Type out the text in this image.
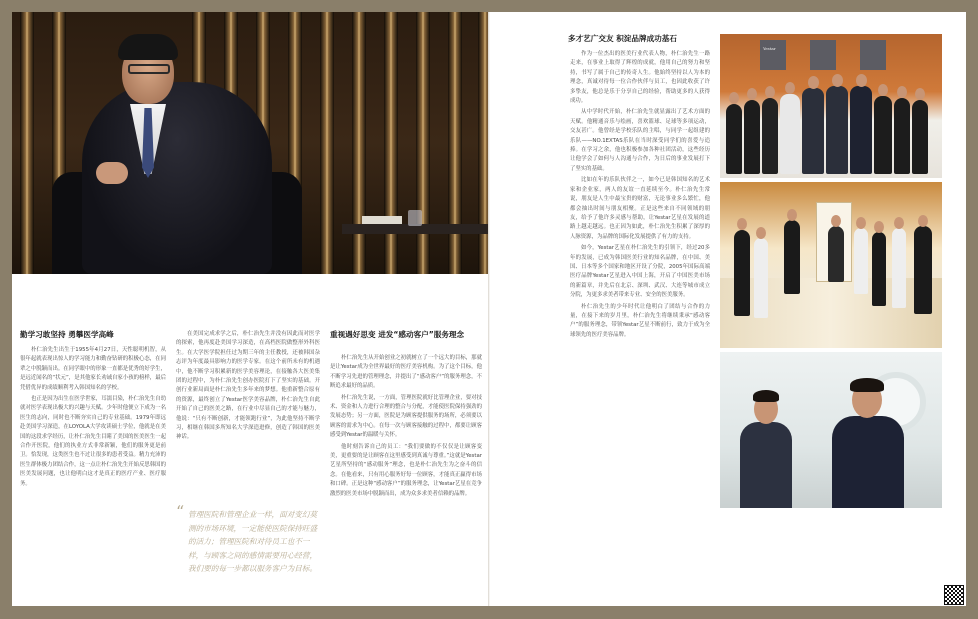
勤学习敢坚持 勇攀医学高峰

朴仁治先生出生于1955年4月27日，天性聪明机智，从很年起就表现出惊人的学习能力和勤奋钻研的积极心态，在同辈之中脱颖而出。在同学眼中的形象一直都是优秀的好学生，是远近闻名的“状元”，是其他家长劝诫自家小孩的榜样，最后凭借优异的成绩顺利考入韩国知名的学校。

也正是因为出生在医学世家，耳濡目染，朴仁治先生自幼就对医学表现出极大的兴趣与天赋。少年时他便立下成为一名医生的志向，同时也不断夯实自己的专业基础。1979年即远赴美国学习深造，在LOYOLA大学攻读硕士学位，他就是在美国的这段求学经历，让朴仁治先生目睹了美国的医美医生一起合作开医院，他们的执业方式非常新颖，他们的服务更是前卫。恰发现，这类医生也不过让很多的患者受益。精力充沛的医生群体极力团结合作，这一点让朴仁治先生开始反思韩国的医美发展问题，也让他明白这才是真正的医疗产业、医疗服务。

在美国完成求学之后，朴仁治先生并没有因此而对医学的探索，他再度赴美国学习深造，在高档医院做整形外科医生。在大学医学院担任过为期三年的主任教授，还被韩国杂志评为年度最具影响力的医学专家。在这个前所未有的机遇中，他不断学习积累新的医学美容理论，在接触各大医美集团的过程中，为朴仁治先生创办医院打下了坚实的基础。开创行业新局面是朴仁治先生多年来的梦想。他重新整合原有的资源，最终创立了Yestar医学美容品牌，朴仁治先生自此开始了自己的医美之路，在行业中尽显自己的才能与魅力，他说：“只有不断创新，才能领跑行业”，为此他坚持不断学习，相继在韩国多所知名大学深造进修，创造了韩国的医美神话。

“ 管理医院和管理企业一样，面对变幻莫测的市场环境，一定能使医院保持旺盛的活力；管理医院和对待员工也不一样，与顾客之间的感情需要用心经营，我们要的每一步都以服务客户为目标。
重视遇好思变 进发“感动客户”服务理念

朴仁治先生从开始创业之初就树立了一个远大的目标，那就是让Yestar成为全世界最好的医疗美容机构。为了这个目标，他不断学习先进的管理理念，并提出了“感动客户”的服务理念，不断追求最好的品质。

朴仁治先生说，一方面，管理医院就好比管理企业，要对技术、资金和人力进行合理的整合与分配，才能使医院保持强劲的发展态势；另一方面，医院是为顾客提供服务的场所，必须要以顾客的需求为中心。在每一次与顾客接触的过程中，都要让顾客感受到Yestar的温暖与关怀。

他时刻告诉自己的员工：“我们要做的不仅仅是让顾客变美，更重要的是让顾客在这里感受到真诚与尊重。”这就是Yestar艺星所坚持的“感动服务”理念，也是朴仁治先生为之奋斗的信念。在他看来，只有用心服务好每一位顾客，才能真正赢得市场和口碑。正是这种“感动客户”的服务理念，让Yestar艺星在竞争激烈的医美市场中脱颖而出，成为众多求美者信赖的品牌。

多才艺广交友 积淀品牌成功基石

作为一位杰出的医美行业代表人物，朴仁治先生一路走来，在事业上取得了辉煌的成就，他用自己的努力和坚持，书写了属于自己的传奇人生。他始终坚持以人为本的理念，真诚对待每一位合作伙伴与员工，也因此收获了许多挚友，他总是乐于分享自己的经验，帮助更多的人获得成功。

从中学时代开始，朴仁治先生就显露出了艺术方面的天赋。他精通音乐与绘画，喜欢篮球、足球等多项运动，交友甚广。他曾经是学校乐队的主唱，与同学一起组建的乐队——NO.1EXTAS乐队在当时深受同学们的喜爱与追捧。在学习之余，他也积极参加各种社团活动，这些经历让他学会了如何与人沟通与合作，为日后的事业发展打下了坚实的基础。

比如在年的乐队伙伴之一，如今已是韩国知名的艺术家和企业家，两人的友谊一直延续至今。朴仁治先生常说，朋友是人生中最宝贵的财富，无论事业多么繁忙，他都会抽出时间与朋友相聚。正是这些来自不同领域的朋友，给予了他许多灵感与帮助，让Yestar艺星在发展的道路上越走越远。也正因为如此，朴仁治先生积累了深厚的人脉资源，为品牌的国际化发展提供了有力的支持。

如今，Yestar艺星在朴仁治先生的引领下，经过20多年的发展，已成为韩国医美行业的知名品牌，在中国、美国、日本等多个国家和地区开设了分院，2005年国际高端医疗品牌Yestar艺星进入中国上海，开启了中国医美市场的新篇章，并先后在北京、深圳、武汉、大连等城市成立分院，为更多求美者带来专业、安全的医美服务。

朴仁治先生的少年时代让他明白了团结与合作的力量，在接下来的岁月里，朴仁治先生将继续秉承“感动客户”的服务理念，带领Yestar艺星不断前行，致力于成为全球领先的医疗美容品牌。

Yestar
